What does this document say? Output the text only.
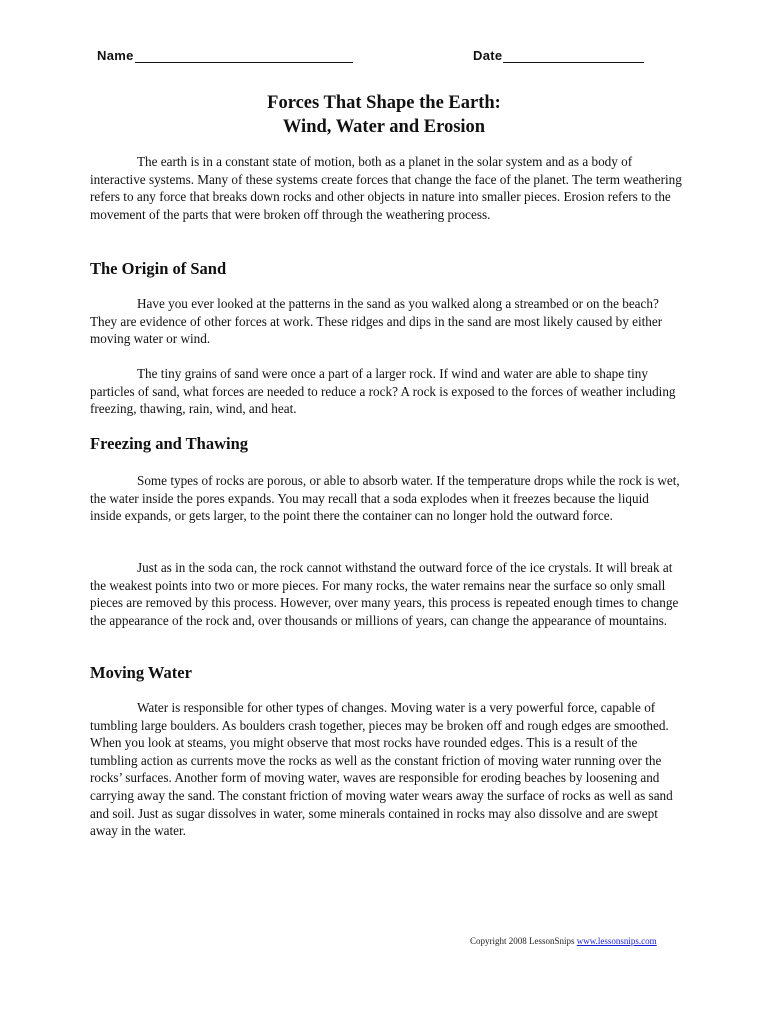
Name	Date
Forces That Shape the Earth:
Wind, Water and Erosion

The earth is in a constant state of motion, both as a planet in the solar system and as a body of interactive systems. Many of these systems create forces that change the face of the planet. The term weathering refers to any force that breaks down rocks and other objects in nature into smaller pieces. Erosion refers to the movement of the parts that were broken off through the weathering process.

The Origin of Sand

Have you ever looked at the patterns in the sand as you walked along a streambed or on the beach? They are evidence of other forces at work. These ridges and dips in the sand are most likely caused by either moving water or wind.

The tiny grains of sand were once a part of a larger rock. If wind and water are able to shape tiny particles of sand, what forces are needed to reduce a rock? A rock is exposed to the forces of weather including freezing, thawing, rain, wind, and heat.

Freezing and Thawing

Some types of rocks are porous, or able to absorb water. If the temperature drops while the rock is wet, the water inside the pores expands. You may recall that a soda explodes when it freezes because the liquid inside expands, or gets larger, to the point there the container can no longer hold the outward force.

Just as in the soda can, the rock cannot withstand the outward force of the ice crystals. It will break at the weakest points into two or more pieces. For many rocks, the water remains near the surface so only small pieces are removed by this process. However, over many years, this process is repeated enough times to change the appearance of the rock and, over thousands or millions of years, can change the appearance of mountains.

Moving Water

Water is responsible for other types of changes. Moving water is a very powerful force, capable of tumbling large boulders. As boulders crash together, pieces may be broken off and rough edges are smoothed. When you look at steams, you might observe that most rocks have rounded edges. This is a result of the tumbling action as currents move the rocks as well as the constant friction of moving water running over the rocks’ surfaces. Another form of moving water, waves are responsible for eroding beaches by loosening and carrying away the sand. The constant friction of moving water wears away the surface of rocks as well as sand and soil. Just as sugar dissolves in water, some minerals contained in rocks may also dissolve and are swept away in the water.

Copyright 2008 LessonSnips www.lessonsnips.com
